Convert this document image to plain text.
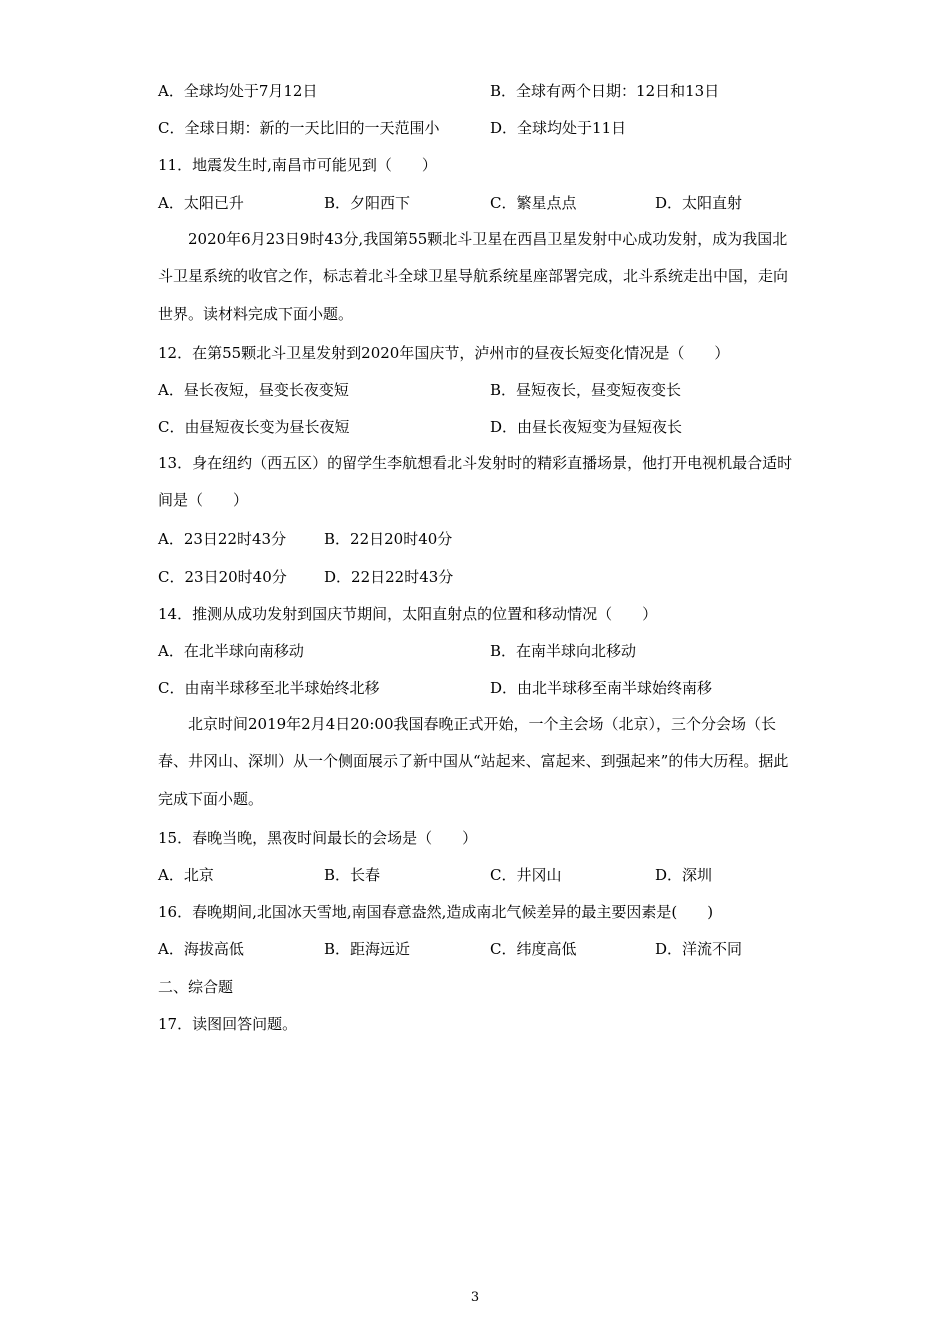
A．全球均处于7月12日	B．全球有两个日期：12日和13日
C．全球日期：新的一天比旧的一天范围小	D．全球均处于11日
11．地震发生时,南昌市可能见到（　　）
A．太阳已升	B．夕阳西下	C．繁星点点	D．太阳直射
2020年6月23日9时43分,我国第55颗北斗卫星在西昌卫星发射中心成功发射，成为我国北斗卫星系统的收官之作，标志着北斗全球卫星导航系统星座部署完成，北斗系统走出中国，走向世界。读材料完成下面小题。
12．在第55颗北斗卫星发射到2020年国庆节，泸州市的昼夜长短变化情况是（　　）
A．昼长夜短，昼变长夜变短	B．昼短夜长，昼变短夜变长
C．由昼短夜长变为昼长夜短	D．由昼长夜短变为昼短夜长
13．身在纽约（西五区）的留学生李航想看北斗发射时的精彩直播场景，他打开电视机最合适时间是（　　）
A．23日22时43分	B．22日20时40分
C．23日20时40分 D．22日22时43分
14．推测从成功发射到国庆节期间，太阳直射点的位置和移动情况（　　）
A．在北半球向南移动	B．在南半球向北移动
C．由南半球移至北半球始终北移	D．由北半球移至南半球始终南移
北京时间2019年2月4日20:00我国春晚正式开始，一个主会场（北京），三个分会场（长春、井冈山、深圳）从一个侧面展示了新中国从“站起来、富起来、到强起来”的伟大历程。据此完成下面小题。
15．春晚当晚，黑夜时间最长的会场是（　　）
A．北京	B．长春	C．井冈山	D．深圳
16．春晚期间,北国冰天雪地,南国春意盎然,造成南北气候差异的最主要因素是(　　)
A．海拔高低	B．距海远近	C．纬度高低	D．洋流不同
二、综合题
17．读图回答问题。
3
